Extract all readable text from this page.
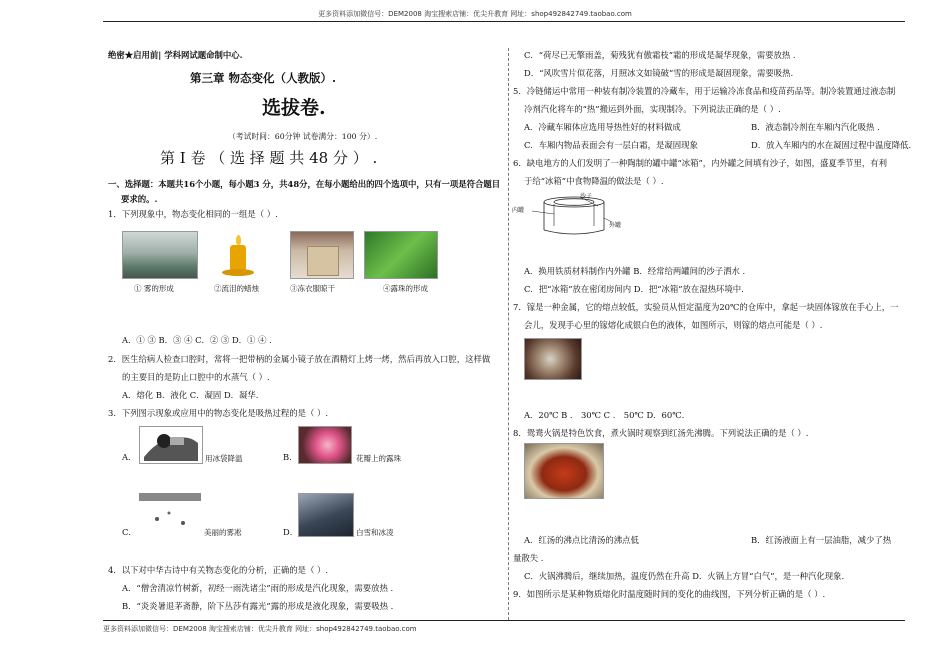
更多资料添加微信号：DEM2008 淘宝搜索店铺：优尖升教育 网址：shop492842749.taobao.com
更多资料添加微信号：DEM2008 淘宝搜索店铺：优尖升教育 网址：shop492842749.taobao.com
绝密★启用前| 学科网试题命制中心.
第三章 物态变化（人教版）.
选拔卷.
（考试时间：60分钟 试卷满分：100 分）.
第 Ⅰ 卷 （ 选 择 题 共 48 分 ） .
一、选择题：本题共16个小题，每小题3 分，共48分，在每小题给出的四个选项中，只有一项是符合题目
要求的。.
1．下列现象中，物态变化相同的一组是（ ）.
① 雾的形成	②流泪的蜡烛	③冻衣服晾干	④露珠的形成
A．① ③ B．③ ④ C．② ③ D．① ④ .
2．医生给病人检查口腔时，常将一把带柄的金属小镜子放在酒精灯上烤一烤，然后再放入口腔，这样做
的主要目的是防止口腔中的水蒸气（ ）.
A．熔化 B．液化 C．凝固 D．凝华.
3．下列图示现象或应用中的物态变化是吸热过程的是（ ）.
A．	用冰袋降温	B．	花瓣上的露珠
C．	美丽的雾凇	D．	白雪和冰凌
4．以下对中华古诗中有关物态变化的分析，正确的是（ ）.
A．“僧舍清凉竹树新，初经一雨洗诸尘”雨的形成是汽化现象，需要放热 .
B．“炎炎暑退茅斋静，阶下丛莎有露光”露的形成是液化现象，需要吸热 .
C．“荷尽已无擎雨盖，菊残犹有傲霜枝”霜的形成是凝华现象，需要放热 .
D．“风吹雪片似花落，月照冰文如镜破”雪的形成是凝固现象，需要吸热.
5．冷链储运中常用一种装有制冷装置的冷藏车，用于运输冷冻食品和疫苗药品等。制冷装置通过液态制
冷剂汽化将车的“热”搬运到外面，实现制冷。下列说法正确的是（ ）.
A．冷藏车厢体应选用导热性好的材料做成	B．液态制冷剂在车厢内汽化吸热 .
C．车厢内物品表面会有一层白霜，是凝固现象	D．放入车厢内的水在凝固过程中温度降低.
6．缺电地方的人们发明了一种陶制的罐中罐“冰箱”，内外罐之间填有沙子，如图，盛夏季节里，有利
于给“冰箱”中食物降温的做法是（ ）.
沙子
内罐
外罐
A．换用铁质材料制作内外罐 B．经常给两罐间的沙子洒水 .
C．把“冰箱”放在密闭房间内 D．把“冰箱”放在湿热环境中.
7．镓是一种金属，它的熔点较低，实验员从恒定温度为20℃的仓库中，拿起一块固体镓放在手心上，一
会儿，发现手心里的镓熔化成银白色的液体，如图所示，则镓的熔点可能是（ ）.
A．20℃ B ． 30℃ C ． 50℃ D．60℃.
8．鸳鸯火锅是特色饮食，煮火锅时观察到红汤先沸腾。下列说法正确的是（ ）.
A．红汤的沸点比清汤的沸点低	B．红汤液面上有一层油脂，减少了热
量散失 .
C．火锅沸腾后，继续加热，温度仍然在升高 D．火锅上方冒“白气”，是一种汽化现象.
9．如图所示是某种物质熔化时温度随时间的变化的曲线图，下列分析正确的是（ ）.
